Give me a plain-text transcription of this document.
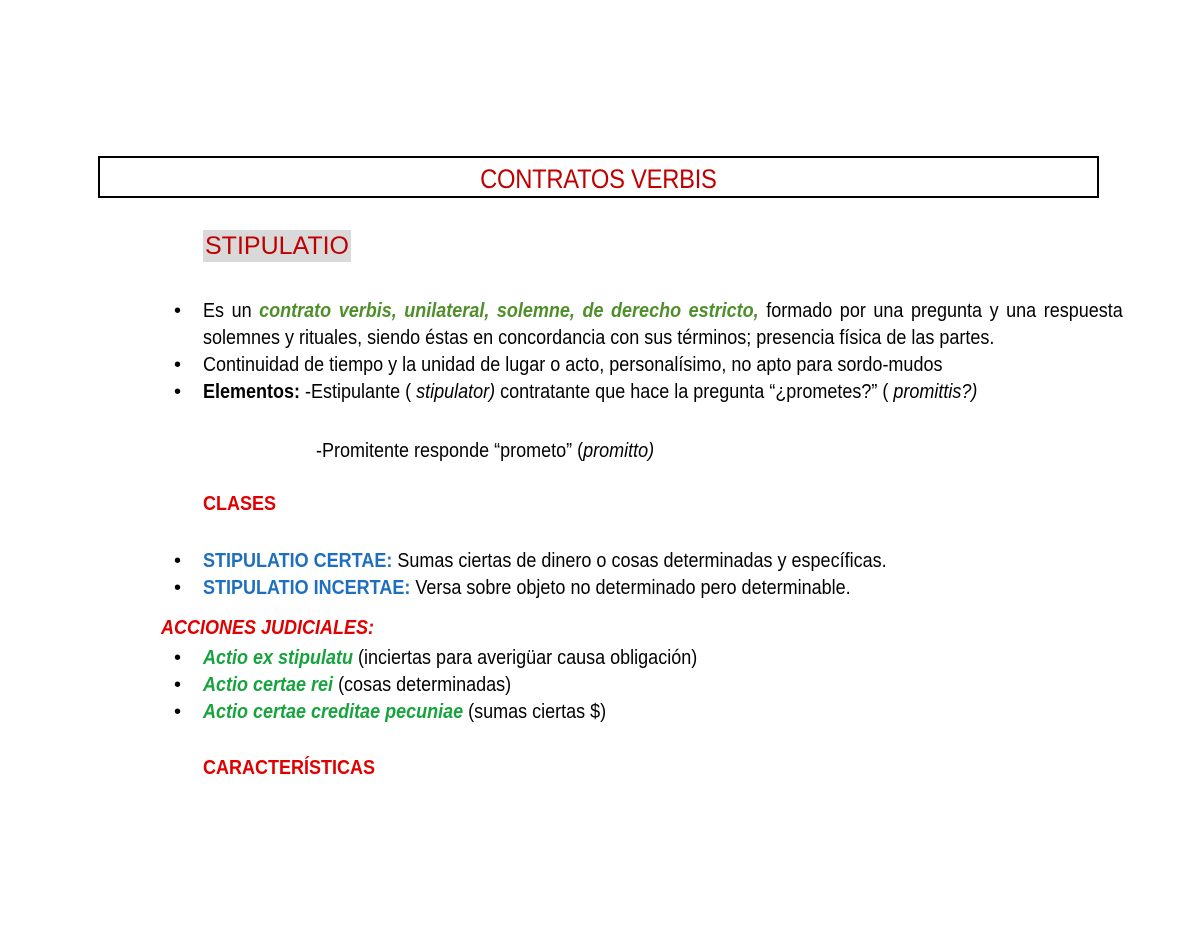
CONTRATOS VERBIS
STIPULATIO
• Es un contrato verbis, unilateral, solemne, de derecho estricto, formado por una pregunta y una respuesta solemnes y rituales, siendo éstas en concordancia con sus términos; presencia física de las partes.
• Continuidad de tiempo y la unidad de lugar o acto, personalísimo, no apto para sordo-mudos
• Elementos: -Estipulante ( stipulator) contratante que hace la pregunta “¿prometes?” ( promittis?)
-Promitente responde “prometo” (promitto)
CLASES
• STIPULATIO CERTAE: Sumas ciertas de dinero o cosas determinadas y específicas.
• STIPULATIO INCERTAE: Versa sobre objeto no determinado pero determinable.
ACCIONES JUDICIALES:
• Actio ex stipulatu (inciertas para averigüar causa obligación)
• Actio certae rei (cosas determinadas)
• Actio certae creditae pecuniae (sumas ciertas $)
CARACTERÍSTICAS
